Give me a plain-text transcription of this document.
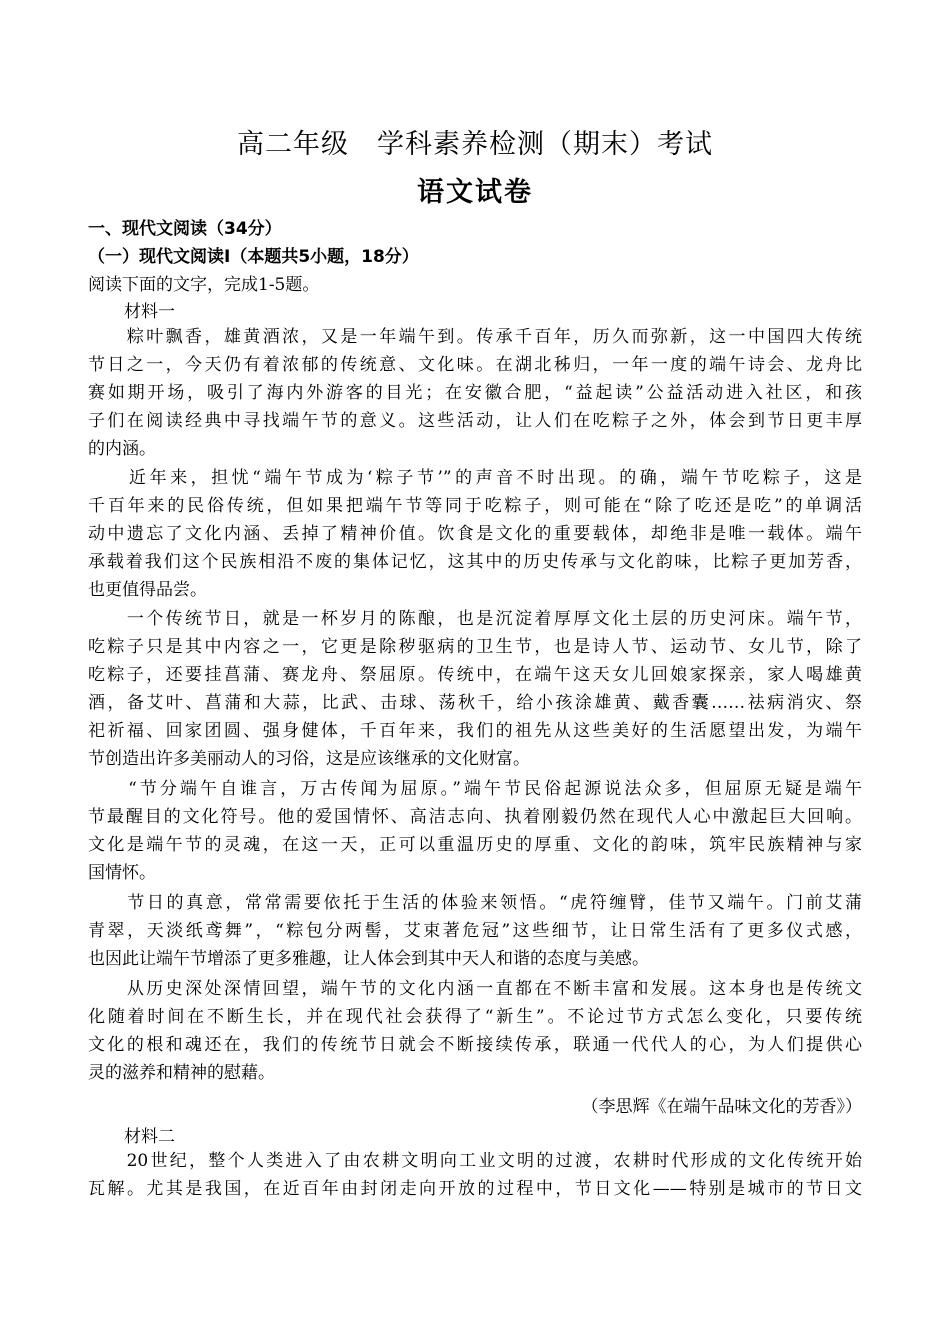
高二年级　学科素养检测（期末）考试
语文试卷
一、现代文阅读（34分）
（一）现代文阅读Ⅰ（本题共5小题，18分）
阅读下面的文字，完成1-5题。
材料一
　　粽叶飘香，雄黄酒浓，又是一年端午到。传承千百年，历久而弥新，这一中国四大传统
节日之一，今天仍有着浓郁的传统意、文化味。在湖北秭归，一年一度的端午诗会、龙舟比
赛如期开场，吸引了海内外游客的目光；在安徽合肥，“益起读”公益活动进入社区，和孩
子们在阅读经典中寻找端午节的意义。这些活动，让人们在吃粽子之外，体会到节日更丰厚
的内涵。
　　近年来，担忧“端午节成为‘粽子节’”的声音不时出现。的确，端午节吃粽子，这是
千百年来的民俗传统，但如果把端午节等同于吃粽子，则可能在“除了吃还是吃”的单调活
动中遗忘了文化内涵、丢掉了精神价值。饮食是文化的重要载体，却绝非是唯一载体。端午
承载着我们这个民族相沿不废的集体记忆，这其中的历史传承与文化韵味，比粽子更加芳香，
也更值得品尝。
　　一个传统节日，就是一杯岁月的陈酿，也是沉淀着厚厚文化土层的历史河床。端午节，
吃粽子只是其中内容之一，它更是除秽驱病的卫生节，也是诗人节、运动节、女儿节，除了
吃粽子，还要挂菖蒲、赛龙舟、祭屈原。传统中，在端午这天女儿回娘家探亲，家人喝雄黄
酒，备艾叶、菖蒲和大蒜，比武、击球、荡秋千，给小孩涂雄黄、戴香囊……祛病消灾、祭
祀祈福、回家团圆、强身健体，千百年来，我们的祖先从这些美好的生活愿望出发，为端午
节创造出许多美丽动人的习俗，这是应该继承的文化财富。
　　“节分端午自谁言，万古传闻为屈原。”端午节民俗起源说法众多，但屈原无疑是端午
节最醒目的文化符号。他的爱国情怀、高洁志向、执着刚毅仍然在现代人心中激起巨大回响。
文化是端午节的灵魂，在这一天，正可以重温历史的厚重、文化的韵味，筑牢民族精神与家
国情怀。
　　节日的真意，常常需要依托于生活的体验来领悟。“虎符缠臂，佳节又端午。门前艾蒲
青翠，天淡纸鸢舞”，“粽包分两髻，艾束著危冠”这些细节，让日常生活有了更多仪式感，
也因此让端午节增添了更多雅趣，让人体会到其中天人和谐的态度与美感。
　　从历史深处深情回望，端午节的文化内涵一直都在不断丰富和发展。这本身也是传统文
化随着时间在不断生长，并在现代社会获得了“新生”。不论过节方式怎么变化，只要传统
文化的根和魂还在，我们的传统节日就会不断接续传承，联通一代代人的心，为人们提供心
灵的滋养和精神的慰藉。
（李思辉《在端午品味文化的芳香》）
材料二
　　20世纪，整个人类进入了由农耕文明向工业文明的过渡，农耕时代形成的文化传统开始
瓦解。尤其是我国，在近百年由封闭走向开放的过程中，节日文化——特别是城市的节日文
